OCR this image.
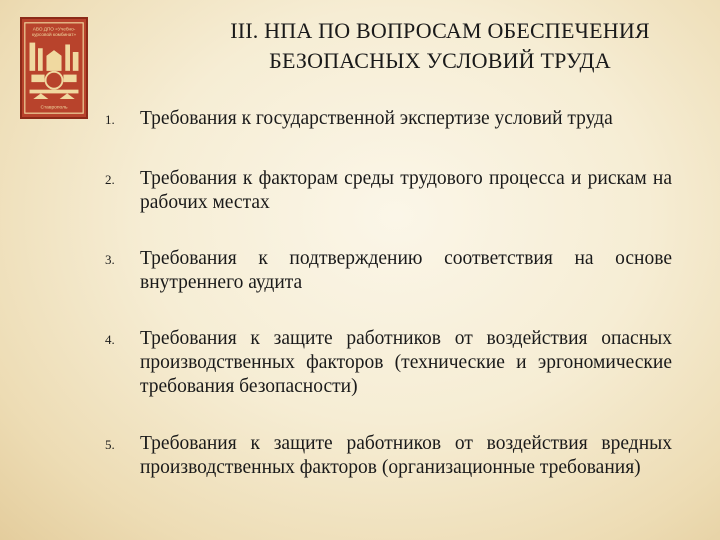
АВО ДПО «Учебно-
курсовой комбинат»
Ставрополь
III. НПА ПО ВОПРОСАМ ОБЕСПЕЧЕНИЯ
БЕЗОПАСНЫХ УСЛОВИЙ ТРУДА
1. Требования к государственной экспертизе условий труда
2. Требования к факторам среды трудового процесса и рискам на рабочих местах
3. Требования к подтверждению соответствия на основе внутреннего аудита
4. Требования к защите работников от воздействия опасных производственных факторов (технические и эргономические требования безопасности)
5. Требования к защите работников от воздействия вредных производственных факторов (организационные требования)
